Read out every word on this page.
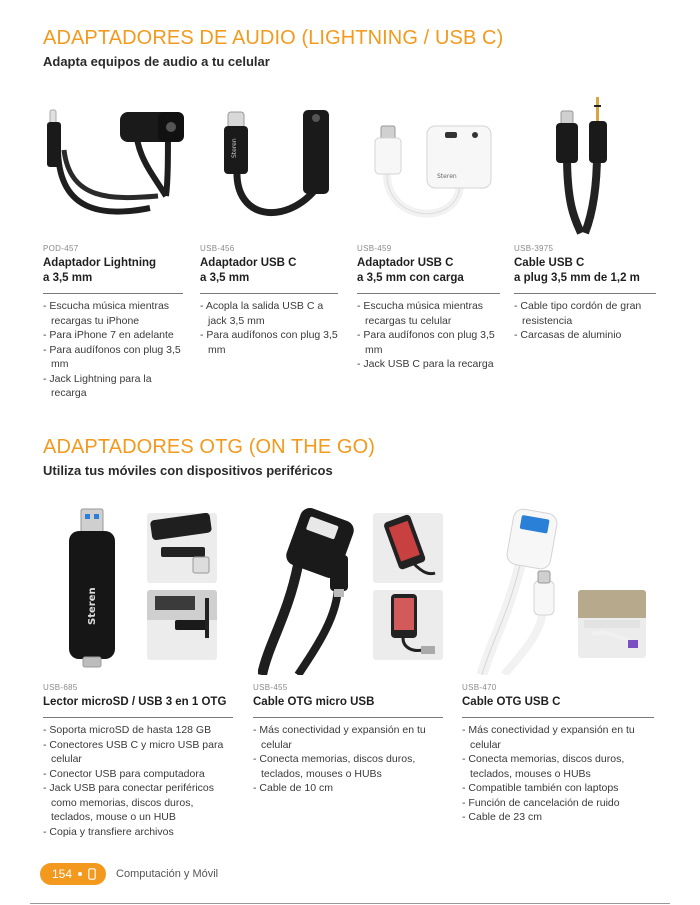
ADAPTADORES DE AUDIO (LIGHTNING / USB C)
Adapta equipos de audio a tu celular
Steren
Steren
POD-457
Adaptador Lightning
a 3,5 mm
- Escucha música mientras recargas tu iPhone
- Para iPhone 7 en adelante
- Para audífonos con plug 3,5 mm
- Jack Lightning para la recarga
USB-456
Adaptador USB C
a 3,5 mm
- Acopla la salida USB C a jack 3,5 mm
- Para audífonos con plug 3,5 mm
USB-459
Adaptador USB C
a 3,5 mm con carga
- Escucha música mientras recargas tu celular
- Para audífonos con plug 3,5 mm
- Jack USB C para la recarga
USB-3975
Cable USB C
a plug 3,5 mm de 1,2 m
- Cable tipo cordón de gran resistencia
- Carcasas de aluminio
ADAPTADORES OTG (ON THE GO)
Utiliza tus móviles con dispositivos periféricos
Steren
USB-685
Lector microSD / USB 3 en 1 OTG
- Soporta microSD de hasta 128 GB
- Conectores USB C y micro USB para celular
- Conector USB para computadora
- Jack USB para conectar periféricos como memorias, discos duros, teclados, mouse o un HUB
- Copia y transfiere archivos
USB-455
Cable OTG micro USB
- Más conectividad y expansión en tu celular
- Conecta memorias, discos duros, teclados, mouses o HUBs
- Cable de 10 cm
USB-470
Cable OTG USB C
- Más conectividad y expansión en tu celular
- Conecta memorias, discos duros, teclados, mouses o HUBs
- Compatible también con laptops
- Función de cancelación de ruido
- Cable de 23 cm
154	Computación y Móvil
